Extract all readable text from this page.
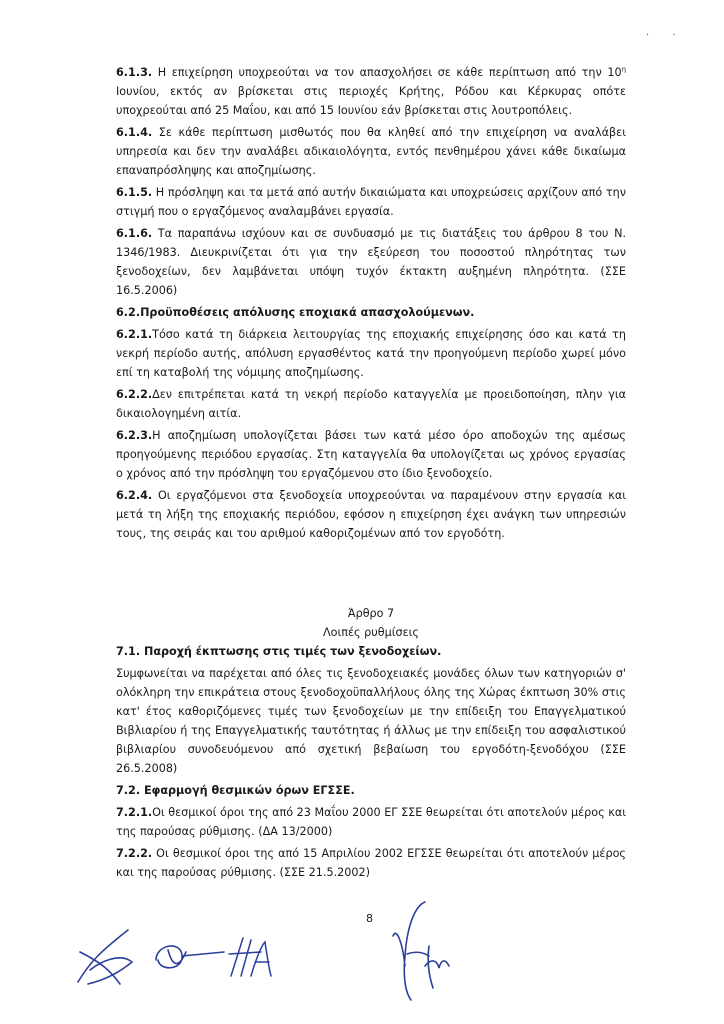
· ·

6.1.3. Η επιχείρηση υποχρεούται να τον απασχολήσει σε κάθε περίπτωση από την $10^\eta$ Ιουνίου, εκτός αν βρίσκεται στις περιοχές Κρήτης, Ρόδου και Κέρκυρας οπότε υποχρεούται από 25 Μαΐου, και από 15 Ιουνίου εάν βρίσκεται στις λουτροπόλεις.

6.1.4. Σε κάθε περίπτωση μισθωτός που θα κληθεί από την επιχείρηση να αναλάβει υπηρεσία και δεν την αναλάβει αδικαιολόγητα, εντός πενθημέρου χάνει κάθε δικαίωμα επαναπρόσληψης και αποζημίωσης.

6.1.5. Η πρόσληψη και τα μετά από αυτήν δικαιώματα και υποχρεώσεις αρχίζουν από την στιγμή που ο εργαζόμενος αναλαμβάνει εργασία.

6.1.6. Τα παραπάνω ισχύουν και σε συνδυασμό με τις διατάξεις του άρθρου 8 του Ν. 1346/1983. Διευκρινίζεται ότι για την εξεύρεση του ποσοστού πληρότητας των ξενοδοχείων, δεν λαμβάνεται υπόψη τυχόν έκτακτη αυξημένη πληρότητα. (ΣΣΕ 16.5.2006)

6.2.Προϋποθέσεις απόλυσης εποχιακά απασχολούμενων.

6.2.1.Τόσο κατά τη διάρκεια λειτουργίας της εποχιακής επιχείρησης όσο και κατά τη νεκρή περίοδο αυτής, απόλυση εργασθέντος κατά την προηγούμενη περίοδο χωρεί μόνο επί τη καταβολή της νόμιμης αποζημίωσης.

6.2.2.Δεν επιτρέπεται κατά τη νεκρή περίοδο καταγγελία με προειδοποίηση, πλην για δικαιολογημένη αιτία.

6.2.3.Η αποζημίωση υπολογίζεται βάσει των κατά μέσο όρο αποδοχών της αμέσως προηγούμενης περιόδου εργασίας. Στη καταγγελία θα υπολογίζεται ως χρόνος εργασίας ο χρόνος από την πρόσληψη του εργαζόμενου στο ίδιο ξενοδοχείο.

6.2.4. Οι εργαζόμενοι στα ξενοδοχεία υποχρεούνται να παραμένουν στην εργασία και μετά τη λήξη της εποχιακής περιόδου, εφόσον η επιχείρηση έχει ανάγκη των υπηρεσιών τους, της σειράς και του αριθμού καθοριζομένων από τον εργοδότη.

Άρθρο 7

Λοιπές ρυθμίσεις

7.1. Παροχή έκπτωσης στις τιμές των ξενοδοχείων.

Συμφωνείται να παρέχεται από όλες τις ξενοδοχειακές μονάδες όλων των κατηγοριών σ' ολόκληρη την επικράτεια στους ξενοδοχοϋπαλλήλους όλης της Χώρας έκπτωση 30% στις κατ' έτος καθοριζόμενες τιμές των ξενοδοχείων με την επίδειξη του Επαγγελματικού Βιβλιαρίου ή της Επαγγελματικής ταυτότητας ή άλλως με την επίδειξη του ασφαλιστικού βιβλιαρίου συνοδευόμενου από σχετική βεβαίωση του εργοδότη-ξενοδόχου (ΣΣΕ 26.5.2008)

7.2. Εφαρμογή θεσμικών όρων ΕΓΣΣΕ.

7.2.1.Οι θεσμικοί όροι της από 23 Μαΐου 2000 ΕΓ ΣΣΕ θεωρείται ότι αποτελούν μέρος και της παρούσας ρύθμισης. (ΔΑ 13/2000)

7.2.2. Οι θεσμικοί όροι της από 15 Απριλίου 2002 ΕΓΣΣΕ θεωρείται ότι αποτελούν μέρος και της παρούσας ρύθμισης. (ΣΣΕ 21.5.2002)

8
